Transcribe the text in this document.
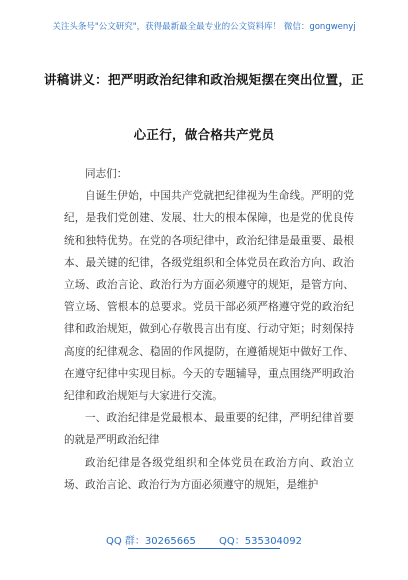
关注头条号"公文研究"，获得最新最全最专业的公文资料库！ 微信：gongwenyj
讲稿讲义：把严明政治纪律和政治规矩摆在突出位置，正
心正行，做合格共产党员

同志们：

自诞生伊始，中国共产党就把纪律视为生命线。严明的党纪，是我们党创建、发展、壮大的根本保障，也是党的优良传统和独特优势。在党的各项纪律中，政治纪律是最重要、最根本、最关键的纪律，各级党组织和全体党员在政治方向、政治立场、政治言论、政治行为方面必须遵守的规矩，是管方向、管立场、管根本的总要求。党员干部必须严格遵守党的政治纪律和政治规矩，做到心存敬畏言出有度、行动守矩；时刻保持高度的纪律观念、稳固的作风提防，在遵循规矩中做好工作、在遵守纪律中实现目标。今天的专题辅导，重点围绕严明政治纪律和政治规矩与大家进行交流。

一、政治纪律是党最根本、最重要的纪律，严明纪律首要的就是严明政治纪律

政治纪律是各级党组织和全体党员在政治方向、政治立场、政治言论、政治行为方面必须遵守的规矩，是维护

QQ 群：30265665 QQ：535304092
